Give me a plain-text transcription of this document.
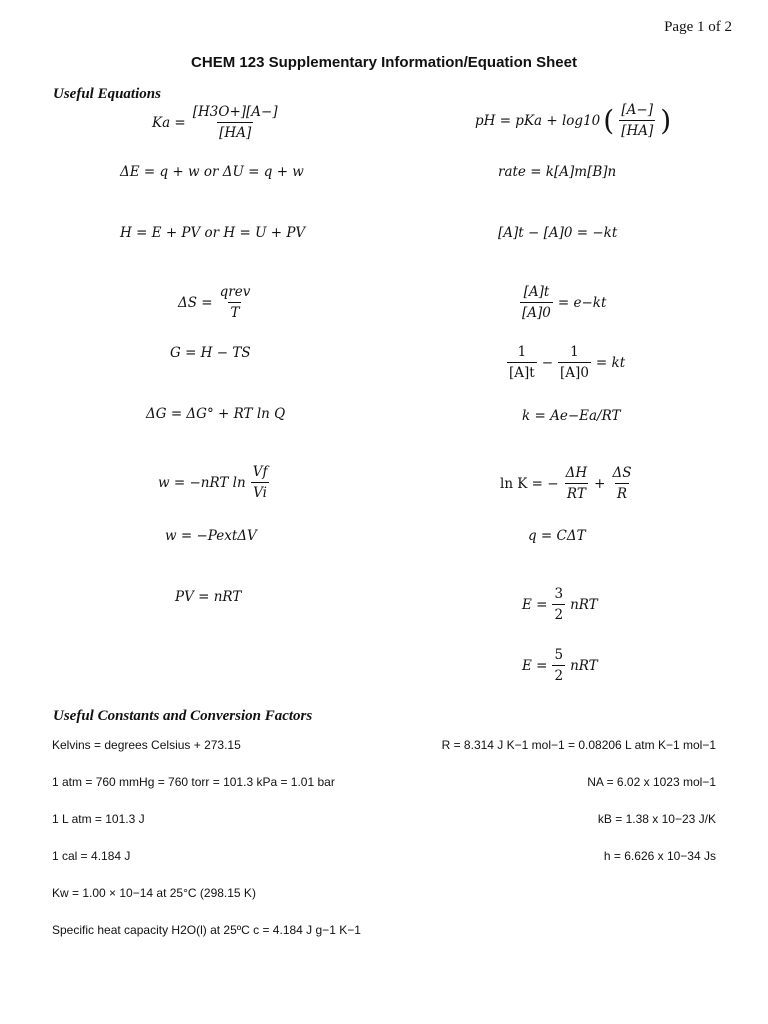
Page 1 of 2
CHEM 123 Supplementary Information/Equation Sheet
Useful Equations
$Ka = \frac{[H3O+][A-]}{[HA]}$
ΔE = q + w or ΔU = q + w
H = E + PV or H = U + PV
$\Delta S = \frac{\text{qrev}}{T}$
G = H − TS
ΔG = ΔG° + RT ln Q
w = −nRT $\ln \frac{Vf}{Vi}$
w = −PextΔV
PV = nRT
pH = pKa + log10 ( $\frac{[A-]}{[HA]}$ )
rate = k[A]m[B]n
[A]t − [A]0 = −kt
$\frac{[A]t}{[A]0} = e-kt$
$\frac{1}{[A]t} - \frac{1}{[A]0}$ = kt
k = Ae−Ea/RT
ln K = − $\frac{\Delta H}{RT} + \frac{\Delta S}{R}$
q = CΔT
$E = \frac{3}{2}$ nRT
$E = \frac{5}{2}$ nRT
Useful Constants and Conversion Factors
Kelvins = degrees Celsius + 273.15
1 atm = 760 mmHg = 760 torr = 101.3 kPa = 1.01 bar
1 L atm = 101.3 J
1 cal = 4.184 J
Kw = 1.00 × 10−14 at 25°C (298.15 K)
Specific heat capacity H2O(l) at 25ºC c = 4.184 J g−1 K−1
R = 8.314 J K−1 mol−1 = 0.08206 L atm K−1 mol−1
NA = 6.02 x 1023 mol−1
kB = 1.38 x 10−23 J/K
h = 6.626 x 10−34 Js
